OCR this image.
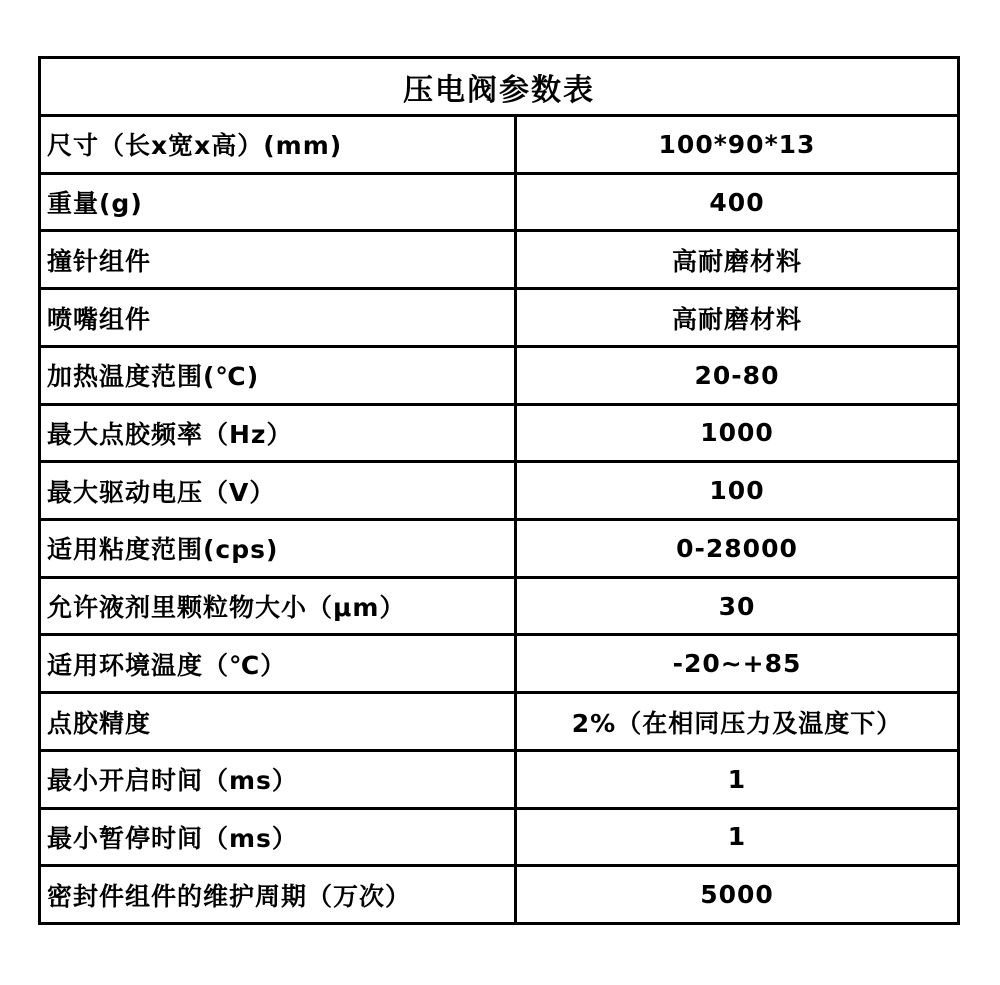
压电阀参数表
尺寸（长x宽x高）(mm)	100*90*13
重量(g)	400
撞针组件	高耐磨材料
喷嘴组件	高耐磨材料
加热温度范围(℃)	20-80
最大点胶频率（Hz）	1000
最大驱动电压（V）	100
适用粘度范围(cps)	0-28000
允许液剂里颗粒物大小（μm）	30
适用环境温度（℃）	-20~+85
点胶精度	2%（在相同压力及温度下）
最小开启时间（ms）	1
最小暂停时间（ms）	1
密封件组件的维护周期（万次）	5000
